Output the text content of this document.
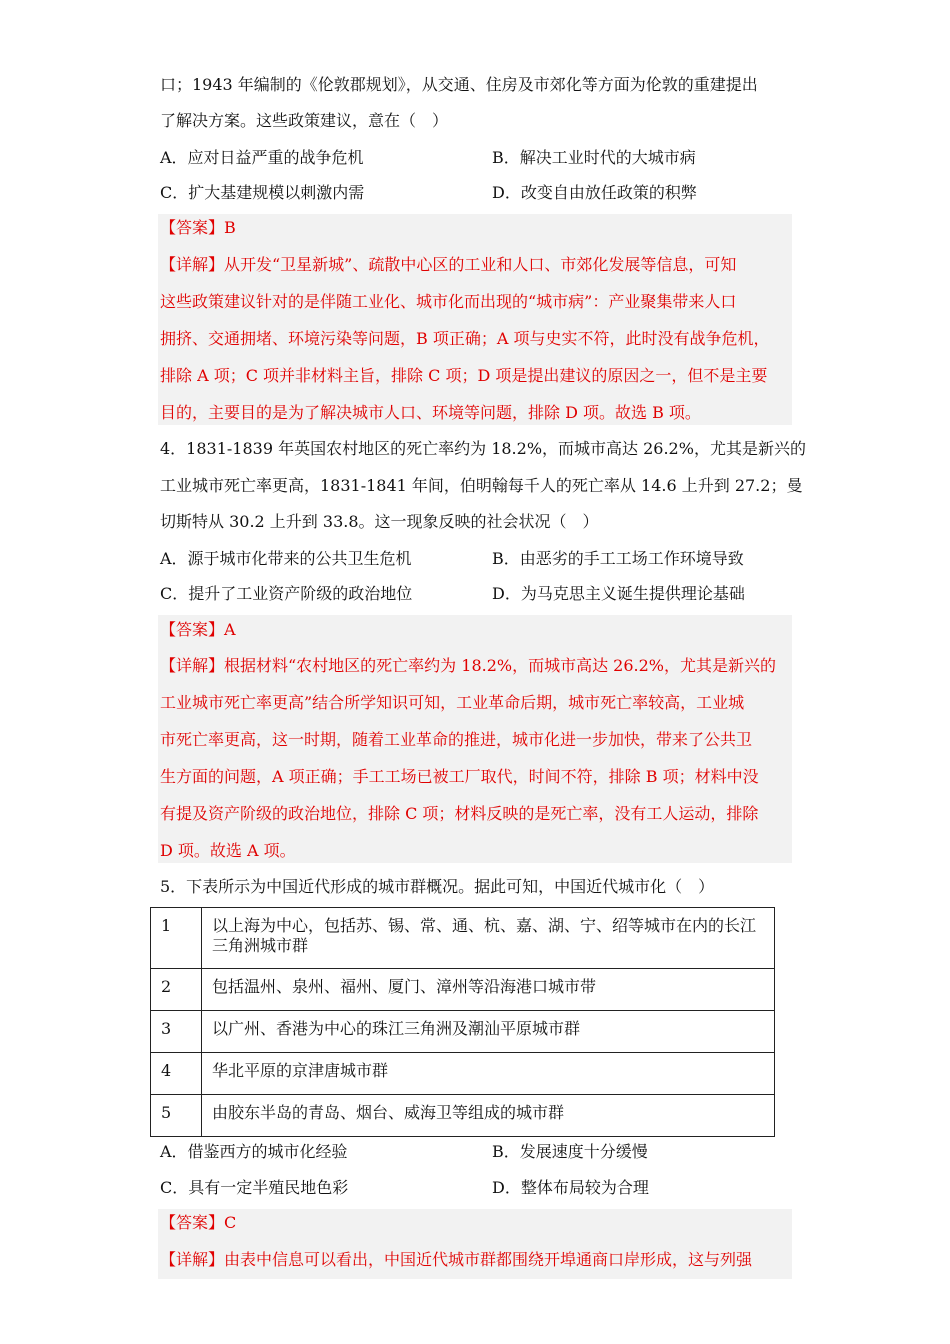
口；1943 年编制的《伦敦郡规划》，从交通、住房及市郊化等方面为伦敦的重建提出
了解决方案。这些政策建议，意在（　）
A．应对日益严重的战争危机	B．解决工业时代的大城市病
C．扩大基建规模以刺激内需	D．改变自由放任政策的积弊
【答案】B
【详解】从开发“卫星新城”、疏散中心区的工业和人口、市郊化发展等信息，可知
这些政策建议针对的是伴随工业化、城市化而出现的“城市病”：产业聚集带来人口
拥挤、交通拥堵、环境污染等问题，B 项正确；A 项与史实不符，此时没有战争危机，
排除 A 项；C 项并非材料主旨，排除 C 项；D 项是提出建议的原因之一，但不是主要
目的，主要目的是为了解决城市人口、环境等问题，排除 D 项。故选 B 项。
4．1831-1839 年英国农村地区的死亡率约为 18.2%，而城市高达 26.2%，尤其是新兴的
工业城市死亡率更高，1831-1841 年间，伯明翰每千人的死亡率从 14.6 上升到 27.2；曼
切斯特从 30.2 上升到 33.8。这一现象反映的社会状况（　）
A．源于城市化带来的公共卫生危机	B．由恶劣的手工工场工作环境导致
C．提升了工业资产阶级的政治地位	D．为马克思主义诞生提供理论基础
【答案】A
【详解】根据材料“农村地区的死亡率约为 18.2%，而城市高达 26.2%，尤其是新兴的
工业城市死亡率更高”结合所学知识可知，工业革命后期，城市死亡率较高，工业城
市死亡率更高，这一时期，随着工业革命的推进，城市化进一步加快，带来了公共卫
生方面的问题，A 项正确；手工工场已被工厂取代，时间不符，排除 B 项；材料中没
有提及资产阶级的政治地位，排除 C 项；材料反映的是死亡率，没有工人运动，排除
D 项。故选 A 项。
5．下表所示为中国近代形成的城市群概况。据此可知，中国近代城市化（　）
1	以上海为中心，包括苏、锡、常、通、杭、嘉、湖、宁、绍等城市在内的长江三角洲城市群
2	包括温州、泉州、福州、厦门、漳州等沿海港口城市带
3	以广州、香港为中心的珠江三角洲及潮汕平原城市群
4	华北平原的京津唐城市群
5	由胶东半岛的青岛、烟台、威海卫等组成的城市群
A．借鉴西方的城市化经验	B．发展速度十分缓慢
C．具有一定半殖民地色彩	D．整体布局较为合理
【答案】C
【详解】由表中信息可以看出，中国近代城市群都围绕开埠通商口岸形成，这与列强
